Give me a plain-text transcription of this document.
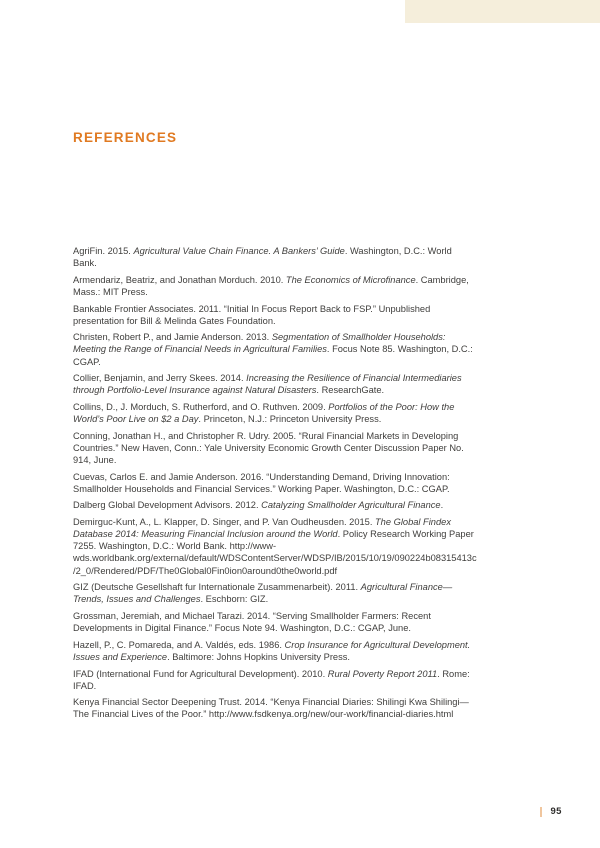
REFERENCES

AgriFin. 2015. Agricultural Value Chain Finance. A Bankers’ Guide. Washington, D.C.: World Bank.

Armendariz, Beatriz, and Jonathan Morduch. 2010. The Economics of Microfinance. Cambridge, Mass.: MIT Press.

Bankable Frontier Associates. 2011. “Initial In Focus Report Back to FSP.” Unpublished presentation for Bill & Melinda Gates Foundation.

Christen, Robert P., and Jamie Anderson. 2013. Segmentation of Smallholder Households: Meeting the Range of Financial Needs in Agricultural Families. Focus Note 85. Washington, D.C.: CGAP.

Collier, Benjamin, and Jerry Skees. 2014. Increasing the Resilience of Financial Intermediaries through Portfolio-Level Insurance against Natural Disasters. ResearchGate.

Collins, D., J. Morduch, S. Rutherford, and O. Ruthven. 2009. Portfolios of the Poor: How the World’s Poor Live on $2 a Day. Princeton, N.J.: Princeton University Press.

Conning, Jonathan H., and Christopher R. Udry. 2005. “Rural Financial Markets in Developing Countries.” New Haven, Conn.: Yale University Economic Growth Center Discussion Paper No. 914, June.

Cuevas, Carlos E. and Jamie Anderson. 2016. “Understanding Demand, Driving Innovation: Smallholder Households and Financial Services.” Working Paper. Washington, D.C.: CGAP.

Dalberg Global Development Advisors. 2012. Catalyzing Smallholder Agricultural Finance.

Demirguc-Kunt, A., L. Klapper, D. Singer, and P. Van Oudheusden. 2015. The Global Findex Database 2014: Measuring Financial Inclusion around the World. Policy Research Working Paper 7255. Washington, D.C.: World Bank. http://www-wds.worldbank.org/external/default/WDSContentServer/WDSP/IB/2015/10/19/090224b08315413c/2_0/Rendered/PDF/The0Global0Fin0ion0around0the0world.pdf

GIZ (Deutsche Gesellshaft fur Internationale Zusammenarbeit). 2011. Agricultural Finance—Trends, Issues and Challenges. Eschborn: GIZ.

Grossman, Jeremiah, and Michael Tarazi. 2014. “Serving Smallholder Farmers: Recent Developments in Digital Finance.” Focus Note 94. Washington, D.C.: CGAP, June.

Hazell, P., C. Pomareda, and A. Valdés, eds. 1986. Crop Insurance for Agricultural Development. Issues and Experience. Baltimore: Johns Hopkins University Press.

IFAD (International Fund for Agricultural Development). 2010. Rural Poverty Report 2011. Rome: IFAD.

Kenya Financial Sector Deepening Trust. 2014. “Kenya Financial Diaries: Shilingi Kwa Shilingi—The Financial Lives of the Poor.” http://www.fsdkenya.org/new/our-work/financial-diaries.html

95
